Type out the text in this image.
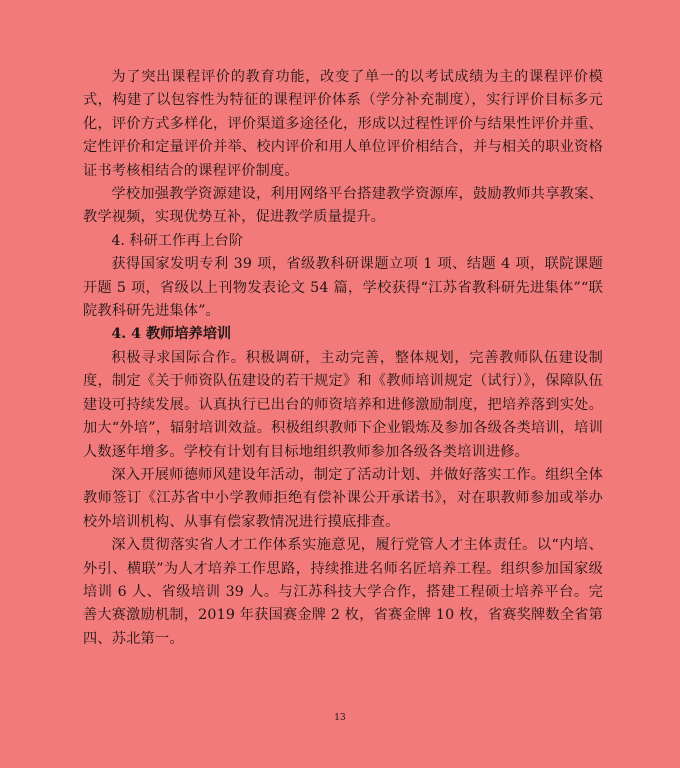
为了突出课程评价的教育功能，改变了单一的以考试成绩为主的课程评价模式，构建了以包容性为特征的课程评价体系（学分补充制度），实行评价目标多元化，评价方式多样化，评价渠道多途径化，形成以过程性评价与结果性评价并重、定性评价和定量评价并举、校内评价和用人单位评价相结合，并与相关的职业资格证书考核相结合的课程评价制度。

学校加强教学资源建设，利用网络平台搭建教学资源库，鼓励教师共享教案、教学视频，实现优势互补，促进教学质量提升。

4. 科研工作再上台阶

获得国家发明专利 39 项，省级教科研课题立项 1 项、结题 4 项，联院课题开题 5 项，省级以上刊物发表论文 54 篇，学校获得“江苏省教科研先进集体”“联院教科研先进集体”。

4. 4 教师培养培训

积极寻求国际合作。积极调研，主动完善，整体规划，完善教师队伍建设制度，制定《关于师资队伍建设的若干规定》和《教师培训规定（试行）》，保障队伍建设可持续发展。认真执行已出台的师资培养和进修激励制度，把培养落到实处。加大“外培”，辐射培训效益。积极组织教师下企业锻炼及参加各级各类培训，培训人数逐年增多。学校有计划有目标地组织教师参加各级各类培训进修。

深入开展师德师风建设年活动，制定了活动计划、并做好落实工作。组织全体教师签订《江苏省中小学教师拒绝有偿补课公开承诺书》，对在职教师参加或举办校外培训机构、从事有偿家教情况进行摸底排查。

深入贯彻落实省人才工作体系实施意见，履行党管人才主体责任。以“内培、外引、横联”为人才培养工作思路，持续推进名师名匠培养工程。组织参加国家级培训 6 人、省级培训 39 人。与江苏科技大学合作，搭建工程硕士培养平台。完善大赛激励机制，2019 年获国赛金牌 2 枚，省赛金牌 10 枚，省赛奖牌数全省第四、苏北第一。

13
